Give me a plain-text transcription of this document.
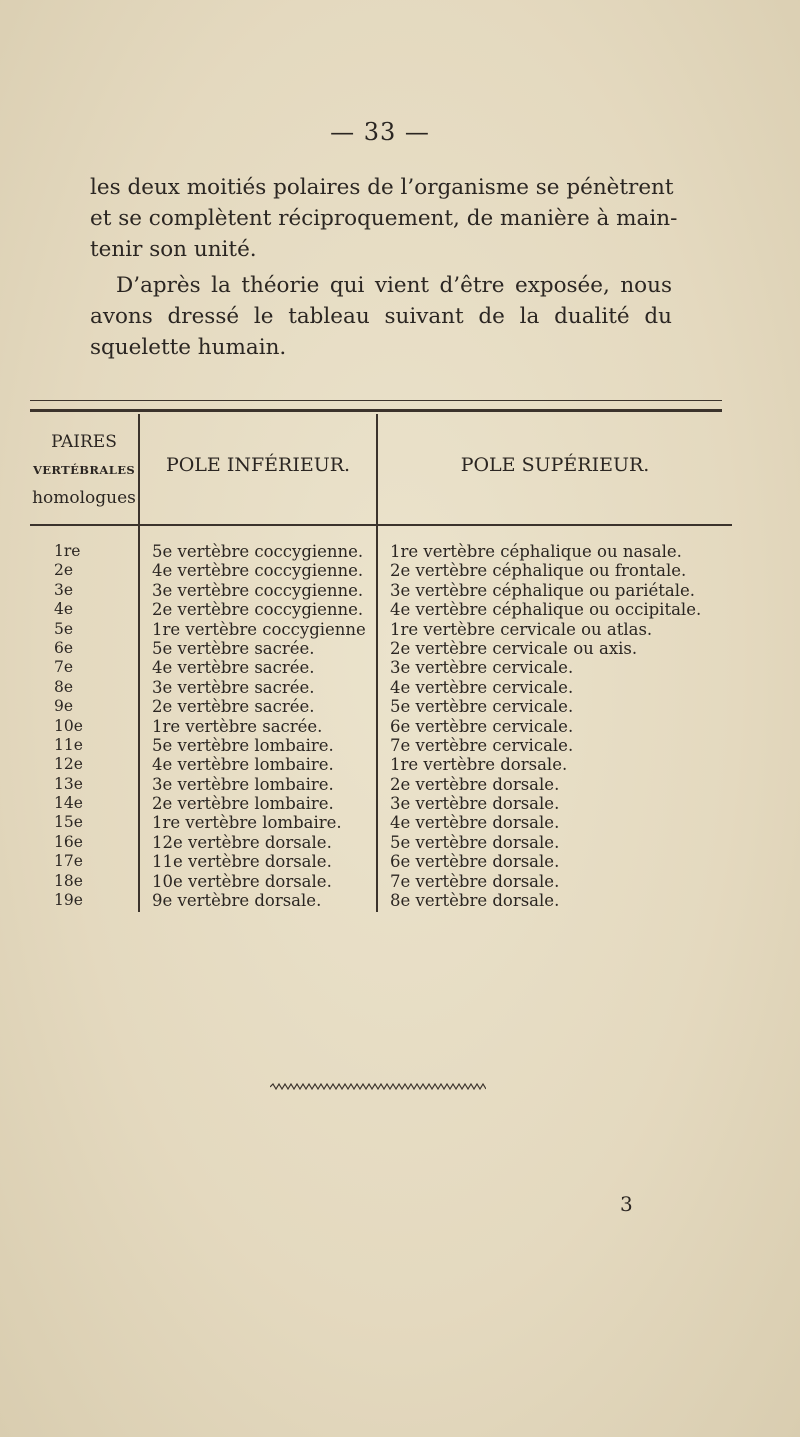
— 33 —
les deux moitiés polaires de l’organisme se pénètrent
et se complètent réciproquement, de manière à main-
tenir son unité.
D’après la théorie qui vient d’être exposée, nous
avons dressé le tableau suivant de la dualité du
squelette humain.
PAIRES
VERTÉBRALES
homologues
POLE INFÉRIEUR.	POLE SUPÉRIEUR.
1re	5e vertèbre coccygienne.	1re vertèbre céphalique ou nasale.
2e	4e vertèbre coccygienne.	2e vertèbre céphalique ou frontale.
3e	3e vertèbre coccygienne.	3e vertèbre céphalique ou pariétale.
4e	2e vertèbre coccygienne.	4e vertèbre céphalique ou occipitale.
5e	1re vertèbre coccygienne	1re vertèbre cervicale ou atlas.
6e	5e vertèbre sacrée.	2e vertèbre cervicale ou axis.
7e	4e vertèbre sacrée.	3e vertèbre cervicale.
8e	3e vertèbre sacrée.	4e vertèbre cervicale.
9e	2e vertèbre sacrée.	5e vertèbre cervicale.
10e	1re vertèbre sacrée.	6e vertèbre cervicale.
11e	5e vertèbre lombaire.	7e vertèbre cervicale.
12e	4e vertèbre lombaire.	1re vertèbre dorsale.
13e	3e vertèbre lombaire.	2e vertèbre dorsale.
14e	2e vertèbre lombaire.	3e vertèbre dorsale.
15e	1re vertèbre lombaire.	4e vertèbre dorsale.
16e	12e vertèbre dorsale.	5e vertèbre dorsale.
17e	11e vertèbre dorsale.	6e vertèbre dorsale.
18e	10e vertèbre dorsale.	7e vertèbre dorsale.
19e	9e vertèbre dorsale.	8e vertèbre dorsale.
3
